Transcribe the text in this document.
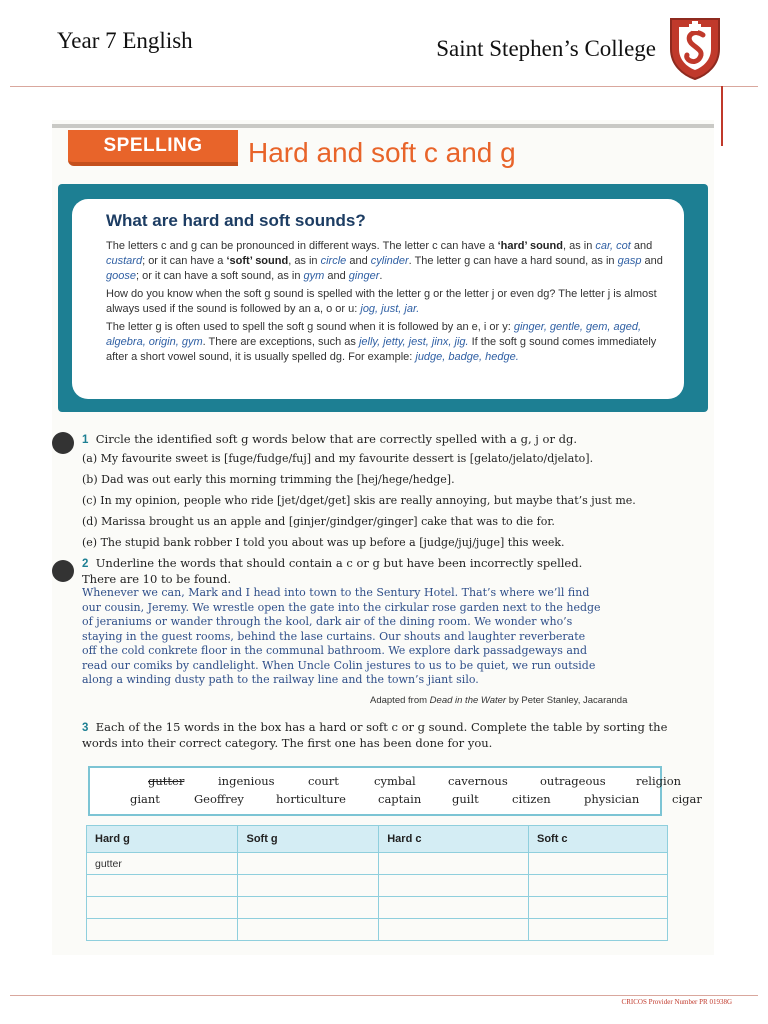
Year 7 English	Saint Stephen’s College
SPELLING	Hard and soft c and g
What are hard and soft sounds?

The letters c and g can be pronounced in different ways. The letter c can have a ‘hard’ sound, as in car, cot and custard; or it can have a ‘soft’ sound, as in circle and cylinder. The letter g can have a hard sound, as in gasp and goose; or it can have a soft sound, as in gym and ginger.

How do you know when the soft g sound is spelled with the letter g or the letter j or even dg? The letter j is almost always used if the sound is followed by an a, o or u: jog, just, jar.

The letter g is often used to spell the soft g sound when it is followed by an e, i or y: ginger, gentle, gem, aged, algebra, origin, gym. There are exceptions, such as jelly, jetty, jest, jinx, jig. If the soft g sound comes immediately after a short vowel sound, it is usually spelled dg. For example: judge, badge, hedge.

1 Circle the identified soft g words below that are correctly spelled with a g, j or dg.
(a) My favourite sweet is [fuge/fudge/fuj] and my favourite dessert is [gelato/jelato/djelato].
(b) Dad was out early this morning trimming the [hej/hege/hedge].
(c) In my opinion, people who ride [jet/dget/get] skis are really annoying, but maybe that’s just me.
(d) Marissa brought us an apple and [ginjer/gindger/ginger] cake that was to die for.
(e) The stupid bank robber I told you about was up before a [judge/juj/juge] this week.
2 Underline the words that should contain a c or g but have been incorrectly spelled.
There are 10 to be found.
Whenever we can, Mark and I head into town to the Sentury Hotel. That’s where we’ll find our cousin, Jeremy. We wrestle open the gate into the cirkular rose garden next to the hedge of jeraniums or wander through the kool, dark air of the dining room. We wonder who’s staying in the guest rooms, behind the lase curtains. Our shouts and laughter reverberate off the cold conkrete floor in the communal bathroom. We explore dark passadgeways and read our comiks by candlelight. When Uncle Colin jestures to us to be quiet, we run outside along a winding dusty path to the railway line and the town’s jiant silo.
Adapted from Dead in the Water by Peter Stanley, Jacaranda
3 Each of the 15 words in the box has a hard or soft c or g sound. Complete the table by sorting the words into their correct category. The first one has been done for you.
gutter	ingenious	court	cymbal	cavernous	outrageous	religion
giant	Geoffrey	horticulture	captain	guilt	citizen	physician	cigar
Hard g	Soft g	Hard c	Soft c
gutter			

CRICOS Provider Number PR 01938G
